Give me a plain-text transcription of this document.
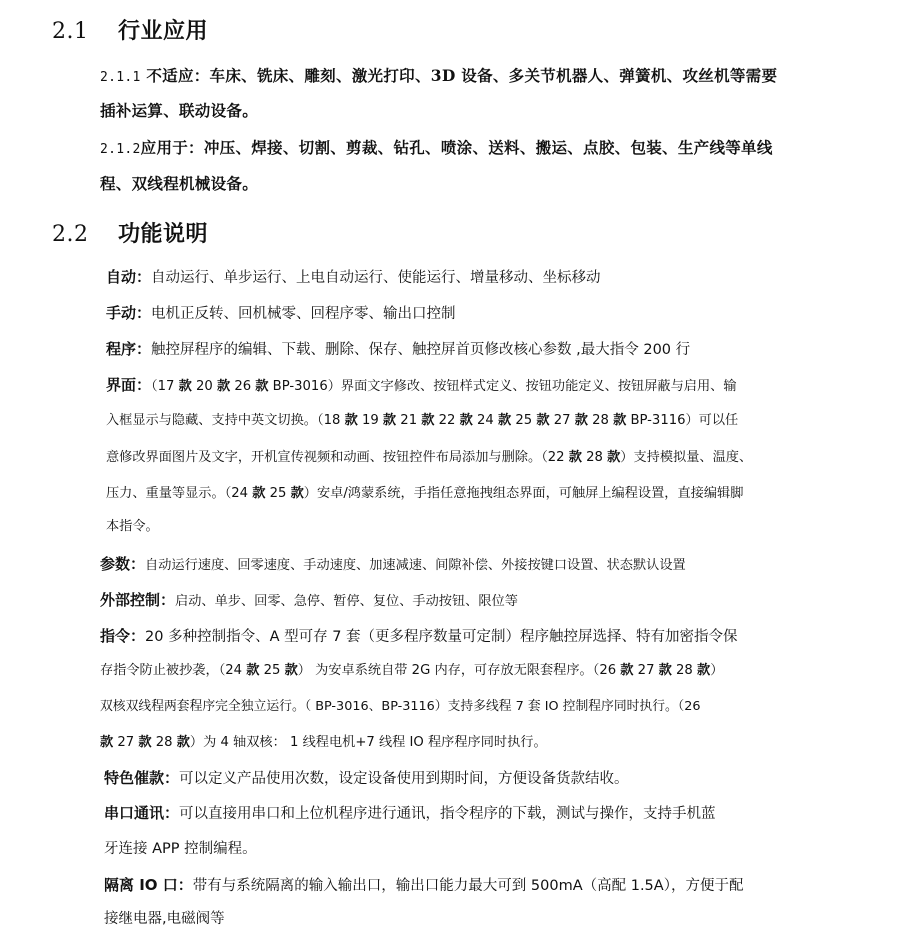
2.1 行业应用
2.1.1 不适应：车床、铣床、雕刻、激光打印、3D 设备、多关节机器人、弹簧机、攻丝机等需要
插补运算、联动设备。
2.1.2应用于：冲压、焊接、切割、剪裁、钻孔、喷涂、送料、搬运、点胶、包装、生产线等单线
程、双线程机械设备。
2.2 功能说明
自动：自动运行、单步运行、上电自动运行、使能运行、增量移动、坐标移动
手动：电机正反转、回机械零、回程序零、输出口控制
程序：触控屏程序的编辑、下载、删除、保存、触控屏首页修改核心参数 ,最大指令 200 行
界面：（17 款 20 款 26 款 BP-3016）界面文字修改、按钮样式定义、按钮功能定义、按钮屏蔽与启用、输
入框显示与隐藏、支持中英文切换。（18 款 19 款 21 款 22 款 24 款 25 款 27 款 28 款 BP-3116）可以任
意修改界面图片及文字，开机宣传视频和动画、按钮控件布局添加与删除。（22 款 28 款）支持模拟量、温度、
压力、重量等显示。（24 款 25 款）安卓/鸿蒙系统，手指任意拖拽组态界面，可触屏上编程设置，直接编辑脚
本指令。
参数：自动运行速度、回零速度、手动速度、加速减速、间隙补偿、外接按键口设置、状态默认设置
外部控制：启动、单步、回零、急停、暂停、复位、手动按钮、限位等
指令：20 多种控制指令、A 型可存 7 套（更多程序数量可定制）程序触控屏选择、特有加密指令保
存指令防止被抄袭，（24 款 25 款） 为安卓系统自带 2G 内存，可存放无限套程序。（26 款 27 款 28 款）
双核双线程两套程序完全独立运行。（ BP-3016、BP-3116）支持多线程 7 套 IO 控制程序同时执行。（26
款 27 款 28 款）为 4 轴双核： 1 线程电机+7 线程 IO 程序程序同时执行。
特色催款：可以定义产品使用次数，设定设备使用到期时间，方便设备货款结收。
串口通讯：可以直接用串口和上位机程序进行通讯，指令程序的下载，测试与操作，支持手机蓝
牙连接 APP 控制编程。
隔离 IO 口：带有与系统隔离的输入输出口，输出口能力最大可到 500mA（高配 1.5A），方便于配
接继电器,电磁阀等
